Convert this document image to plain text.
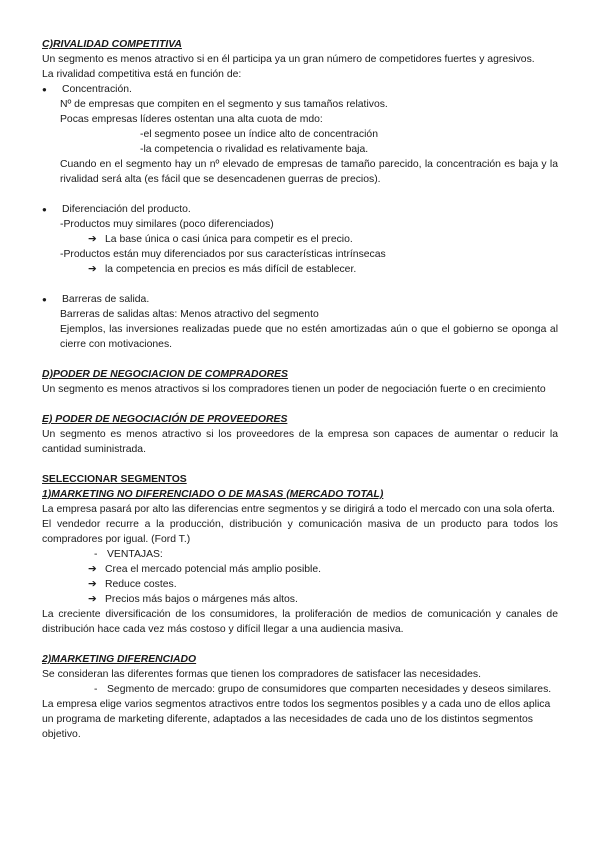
C)RIVALIDAD COMPETITIVA
Un segmento es menos atractivo si en él participa ya un gran número de competidores fuertes y agresivos.
La rivalidad competitiva está en función de:
●	Concentración.
Nº de empresas que compiten en el segmento y sus tamaños relativos.
Pocas empresas líderes ostentan una alta cuota de mdo:
-el segmento posee un índice alto de concentración
-la competencia o rivalidad es relativamente baja.
Cuando en el segmento hay un nº elevado de empresas de tamaño parecido, la concentración es baja y la rivalidad será alta (es fácil que se desencadenen guerras de precios).
●	Diferenciación del producto.
-Productos muy similares (poco diferenciados)
➔ La base única o casi única para competir es el precio.
-Productos están muy diferenciados por sus características intrínsecas
➔ la competencia en precios es más difícil de establecer.
●	Barreras de salida.
Barreras de salidas altas: Menos atractivo del segmento
Ejemplos, las inversiones realizadas puede que no estén amortizadas aún o que el gobierno se oponga al cierre con motivaciones.
D)PODER DE NEGOCIACION DE COMPRADORES
Un segmento es menos atractivos si los compradores tienen un poder de negociación fuerte o en crecimiento
E) PODER DE NEGOCIACIÓN DE PROVEEDORES
Un segmento es menos atractivo si los proveedores de la empresa son capaces de aumentar o reducir la cantidad suministrada.
SELECCIONAR SEGMENTOS
1)MARKETING NO DIFERENCIADO O DE MASAS (MERCADO TOTAL)
La empresa pasará por alto las diferencias entre segmentos y se dirigirá a todo el mercado con una sola oferta.
El vendedor recurre a la producción, distribución y comunicación masiva de un producto para todos los compradores por igual. (Ford T.)
- VENTAJAS:
➔ Crea el mercado potencial más amplio posible.
➔ Reduce costes.
➔ Precios más bajos o márgenes más altos.
La creciente diversificación de los consumidores, la proliferación de medios de comunicación y canales de distribución hace cada vez más costoso y difícil llegar a una audiencia masiva.
2)MARKETING DIFERENCIADO
Se consideran las diferentes formas que tienen los compradores de satisfacer las necesidades.
- Segmento de mercado: grupo de consumidores que comparten necesidades y deseos similares.
La empresa elige varios segmentos atractivos entre todos los segmentos posibles y a cada uno de ellos aplica un programa de marketing diferente, adaptados a las necesidades de cada uno de los distintos segmentos objetivo.
